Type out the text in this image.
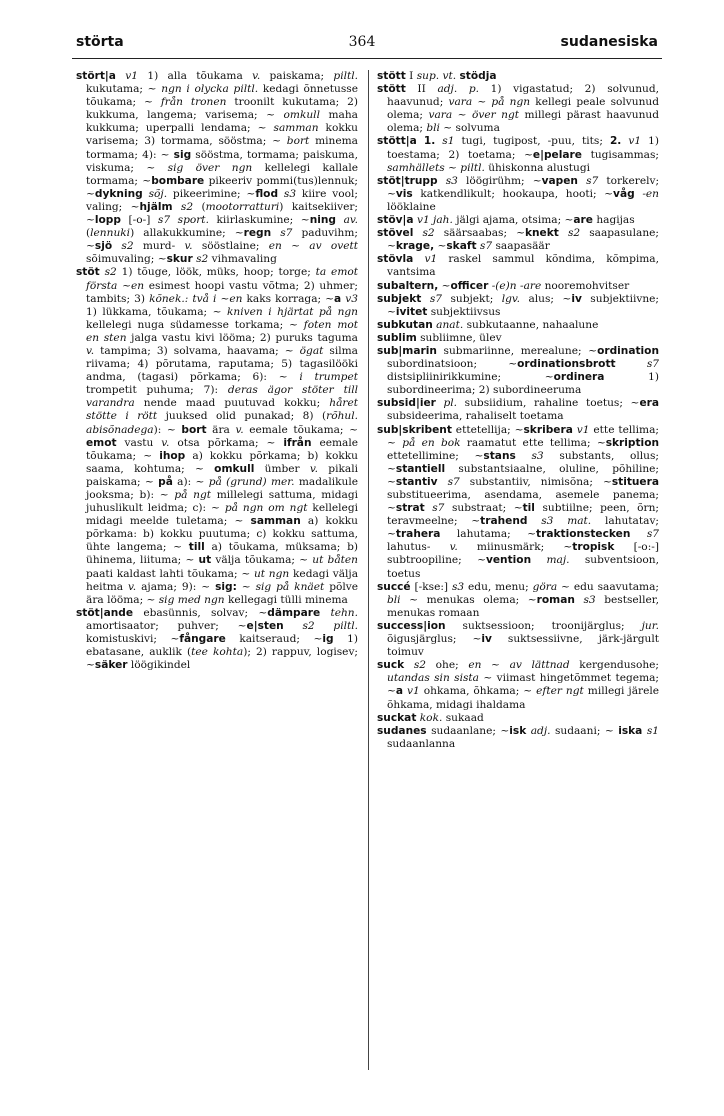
störta	364	sudanesiska

stört|a v1 1) alla tõukama v. paiskama; piltl. kukutama; ~ ngn i olycka piltl. kedagi õnnetusse tõukama; ~ från tronen troonilt kukutama; 2) kukkuma, langema; varisema; ~ omkull maha kukkuma; uperpalli lendama; ~ samman kokku varisema; 3) tormama, sööstma; ~ bort minema tormama; 4): ~ sig sööstma, tormama; paiskuma, viskuma; ~ sig över ngn kellelegi kallale tormama; ~bombare pikeeriv pommi(tus)lennuk; ~dykning sõj. pikeerimine; ~flod s3 kiire vool; valing; ~hjälm s2 (mootorratturi) kaitsekiiver; ~lopp [-o-] s7 sport. kiirlaskumine; ~ning av. (lennuki) allakukkumine; ~regn s7 paduvihm; ~sjö s2 murd- v. sööstlaine; en ~ av ovett sõimuvaling; ~skur s2 vihmavaling

stöt s2 1) tõuge, löök, müks, hoop; torge; ta emot första ~en esimest hoopi vastu võtma; 2) uhmer; tambits; 3) kõnek.: två i ~en kaks korraga; ~a v3 1) lükkama, tõukama; ~ kniven i hjärtat på ngn kellelegi nuga südamesse torkama; ~ foten mot en sten jalga vastu kivi lööma; 2) puruks taguma v. tampima; 3) solvama, haavama; ~ ögat silma riivama; 4) põrutama, raputama; 5) tagasilööki andma, (tagasi) põrkama; 6): ~ i trumpet trompetit puhuma; 7): deras ägor stöter till varandra nende maad puutuvad kokku; håret stötte i rött juuksed olid punakad; 8) (rõhul. abisõnadega): ~ bort ära v. eemale tõukama; ~ emot vastu v. otsa põrkama; ~ ifrån eemale tõukama; ~ ihop a) kokku põrkama; b) kokku saama, kohtuma; ~ omkull ümber v. pikali paiskama; ~ på a): ~ på (grund) mer. madalikule jooksma; b): ~ på ngt millelegi sattuma, midagi juhuslikult leidma; c): ~ på ngn om ngt kellelegi midagi meelde tuletama; ~ samman a) kokku põrkama: b) kokku puutuma; c) kokku sattuma, ühte langema; ~ till a) tõukama, müksama; b) ühinema, liituma; ~ ut välja tõukama; ~ ut båten paati kaldast lahti tõukama; ~ ut ngn kedagi välja heitma v. ajama; 9): ~ sig: ~ sig på knäet põlve ära lööma; ~ sig med ngn kellegagi tülli minema

stöt|ande ebasünnis, solvav; ~dämpare tehn. amortisaator; puhver; ~e|sten s2 piltl. komistuskivi; ~fångare kaitseraud; ~ig 1) ebatasane, auklik (tee kohta); 2) rappuv, logisev; ~säker löögikindel

stött I sup. vt. stödja

stött II adj. p. 1) vigastatud; 2) solvunud, haavunud; vara ~ på ngn kellegi peale solvunud olema; vara ~ över ngt millegi pärast haavunud olema; bli ~ solvuma

stött|a 1. s1 tugi, tugipost, -puu, tits; 2. v1 1) toestama; 2) toetama; ~e|pelare tugisammas; samhällets ~ piltl. ühiskonna alustugi

stöt|trupp s3 löögirühm; ~vapen s7 torkerelv; ~vis katkendlikult; hookaupa, hooti; ~våg -en lööklaine

stöv|a v1 jah. jälgi ajama, otsima; ~are hagijas

stövel s2 säärsaabas; ~knekt s2 saapasulane; ~krage, ~skaft s7 saapasäär

stövla v1 raskel sammul kõndima, kõmpima, vantsima

subaltern, ~officer -(e)n -are nooremohvitser

subjekt s7 subjekt; lgv. alus; ~iv subjektiivne; ~ivitet subjektiivsus

subkutan anat. subkutaanne, nahaalune

sublim subliimne, ülev

sub|marin submariinne, merealune; ~ordination subordinatsioon; ~ordinationsbrott	s7 distsipliinirikkumine; ~ordinera 1) subordineerima; 2) subordineeruma

subsid|ier pl. subsiidium, rahaline toetus; ~era subsideerima, rahaliselt toetama

sub|skribent ettetellija; ~skribera v1 ette tellima; ~ på en bok raamatut ette tellima; ~skription ettetellimine; ~stans s3 substants, ollus; ~stantiell substantsiaalne, oluline, põhiline; ~stantiv s7 substantiiv, nimisõna; ~stituera substitueerima, asendama, asemele panema; ~strat s7 substraat; ~til subtiilne; peen, õrn; teravmeelne; ~trahend s3 mat. lahutatav; ~trahera lahutama; ~traktionstecken s7 lahutus- v. miinusmärk; ~tropisk [-o:-] subtroopiline; ~vention maj. subventsioon, toetus

succé [-kse:] s3 edu, menu; göra ~ edu saavutama; bli ~ menukas olema; ~roman s3 bestseller, menukas romaan

success|ion suktsessioon; troonijärglus; jur. õigusjärglus; ~iv suktsessiivne, järk-järgult toimuv

suck s2 ohe; en ~ av lättnad kergendusohe; utandas sin sista ~ viimast hingetõmmet tegema; ~a v1 ohkama, õhkama; ~ efter ngt millegi järele õhkama, midagi ihaldama

suckat kok. sukaad

sudanes sudaanlane; ~isk adj. sudaani; ~ iska s1 sudaanlanna
